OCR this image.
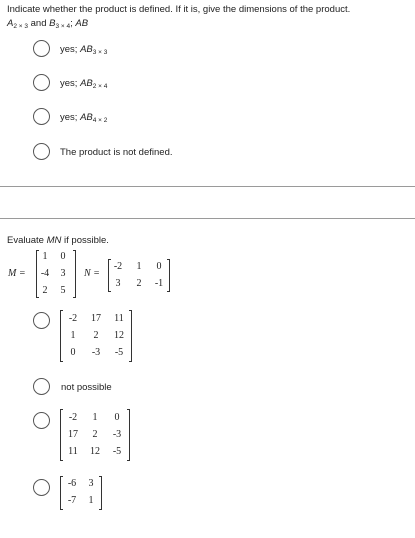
Indicate whether the product is defined. If it is, give the dimensions of the product.
$A_{2 \times 3}$ and $B_{3 \times 4}$; AB
yes; $AB_{3 \times 3}$
yes; $AB_{2 \times 4}$
yes; $AB_{4 \times 2}$
The product is not defined.
Evaluate MN if possible.
M =
1	0
-4	3
2	5
N =
-2	1	0
3	2	-1
-2	17	11
1	2	12
0	-3	-5
not possible
-2	1	0
17	2	-3
11	12	-5
-6	3
-7	1
